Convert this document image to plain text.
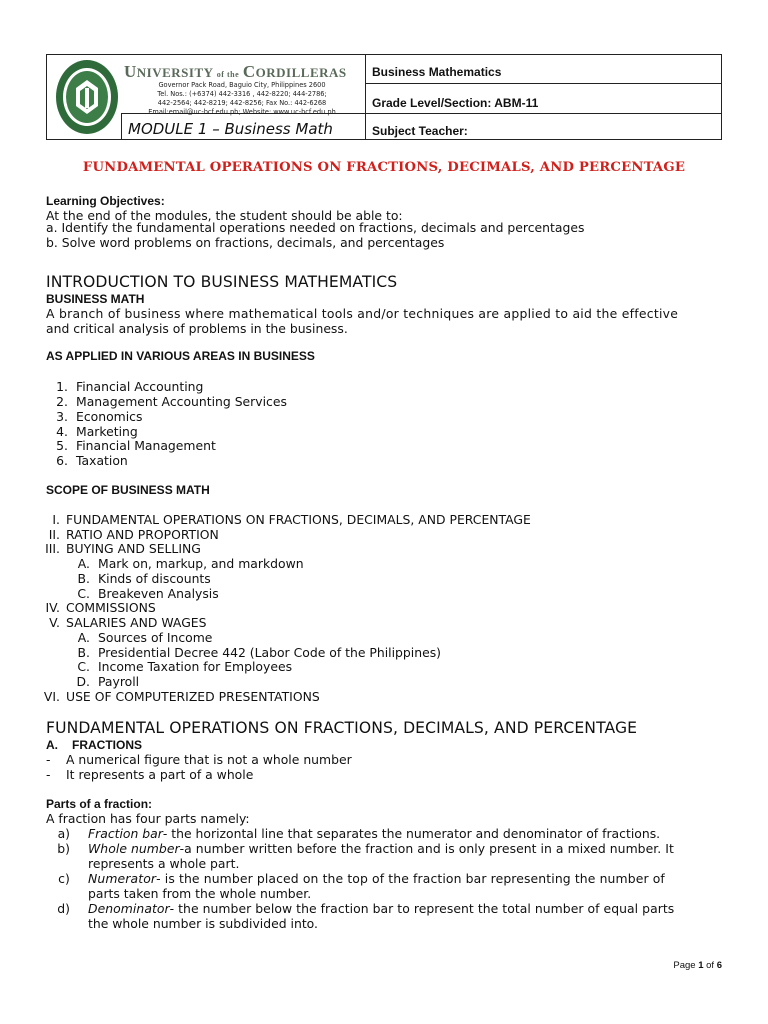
UNIVERSITY of the CORDILLERAS
Governor Pack Road, Baguio City, Philippines 2600
Tel. Nos.: (+6374) 442-3316 , 442-8220; 444-2786;
442-2564; 442-8219; 442-8256; Fax No.: 442-6268
Email:email@uc-bcf.edu.ph; Website: www.uc-bcf.edu.ph
MODULE 1 – Business Math
Business Mathematics
Grade Level/Section: ABM-11
Subject Teacher:
FUNDAMENTAL OPERATIONS ON FRACTIONS, DECIMALS, AND PERCENTAGE
Learning Objectives:
At the end of the modules, the student should be able to:
a. Identify the fundamental operations needed on fractions, decimals and percentages
b. Solve word problems on fractions, decimals, and percentages
INTRODUCTION TO BUSINESS MATHEMATICS
BUSINESS MATH
A branch of business where mathematical tools and/or techniques are applied to aid the effective
and critical analysis of problems in the business.
AS APPLIED IN VARIOUS AREAS IN BUSINESS
1. Financial Accounting
2. Management Accounting Services
3. Economics
4. Marketing
5. Financial Management
6. Taxation
SCOPE OF BUSINESS MATH
I. FUNDAMENTAL OPERATIONS ON FRACTIONS, DECIMALS, AND PERCENTAGE
II. RATIO AND PROPORTION
III. BUYING AND SELLING
A. Mark on, markup, and markdown
B. Kinds of discounts
C. Breakeven Analysis
IV. COMMISSIONS
V. SALARIES AND WAGES
A. Sources of Income
B. Presidential Decree 442 (Labor Code of the Philippines)
C. Income Taxation for Employees
D. Payroll
VI. USE OF COMPUTERIZED PRESENTATIONS
FUNDAMENTAL OPERATIONS ON FRACTIONS, DECIMALS, AND PERCENTAGE
A. FRACTIONS
- A numerical figure that is not a whole number
- It represents a part of a whole
Parts of a fraction:
A fraction has four parts namely:
a) Fraction bar- the horizontal line that separates the numerator and denominator of fractions.
b) Whole number-a number written before the fraction and is only present in a mixed number. It
represents a whole part.
c) Numerator- is the number placed on the top of the fraction bar representing the number of
parts taken from the whole number.
d) Denominator- the number below the fraction bar to represent the total number of equal parts
the whole number is subdivided into.
Page 1 of 6
